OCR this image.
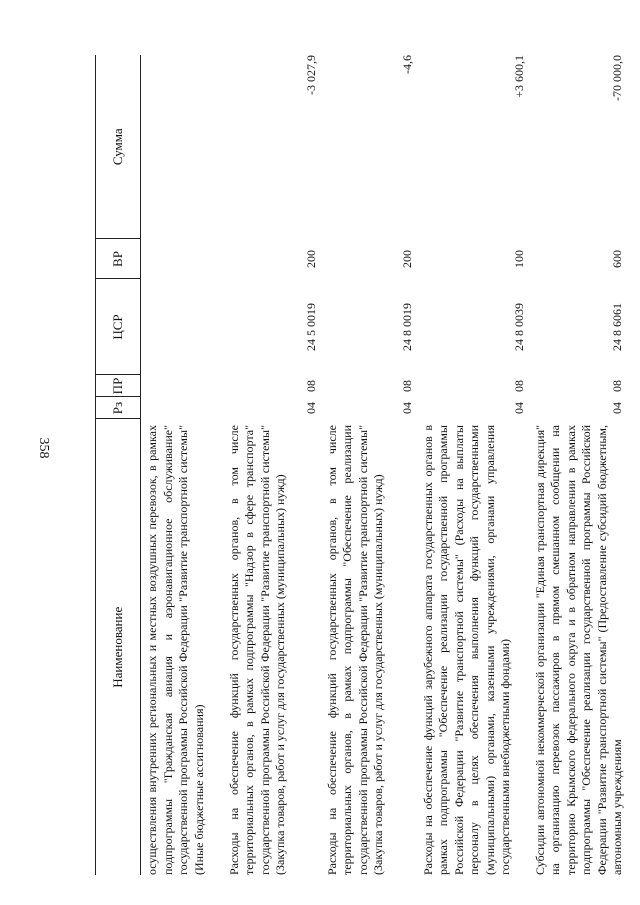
358
Наименование	Рз	ПР	ЦСР	ВР	Сумма
осуществления внутренних региональных и местных воздушных перевозок, в рамках подпрограммы "Гражданская авиация и аэронавигационное обслуживание" государственной программы Российской Федерации "Развитие транспортной системы" (Иные бюджетные ассигнования)					
Расходы на обеспечение функций государственных органов, в том числе территориальных органов, в рамках подпрограммы "Надзор в сфере транспорта" государственной программы Российской Федерации "Развитие транспортной системы" (Закупка товаров, работ и услуг для государственных (муниципальных) нужд)	04	08	24 5 0019	200	-3 027,9
Расходы на обеспечение функций государственных органов, в том числе территориальных органов, в рамках подпрограммы "Обеспечение реализации государственной программы Российской Федерации "Развитие транспортной системы" (Закупка товаров, работ и услуг для государственных (муниципальных) нужд)	04	08	24 8 0019	200	-4,6
Расходы на обеспечение функций зарубежного аппарата государственных органов в рамках подпрограммы "Обеспечение реализации государственной программы Российской Федерации "Развитие транспортной системы" (Расходы на выплаты персоналу в целях обеспечения выполнения функций государственными (муниципальными) органами, казенными учреждениями, органами управления государственными внебюджетными фондами)	04	08	24 8 0039	100	+3 600,1
Субсидии автономной некоммерческой организации "Единая транспортная дирекция" на организацию перевозок пассажиров в прямом смешанном сообщении на территорию Крымского федерального округа и в обратном направлении в рамках подпрограммы "Обеспечение реализации государственной программы Российской Федерации "Развитие транспортной системы" (Предоставление субсидий бюджетным, автономным учреждениям	04	08	24 8 6061	600	-70 000,0
